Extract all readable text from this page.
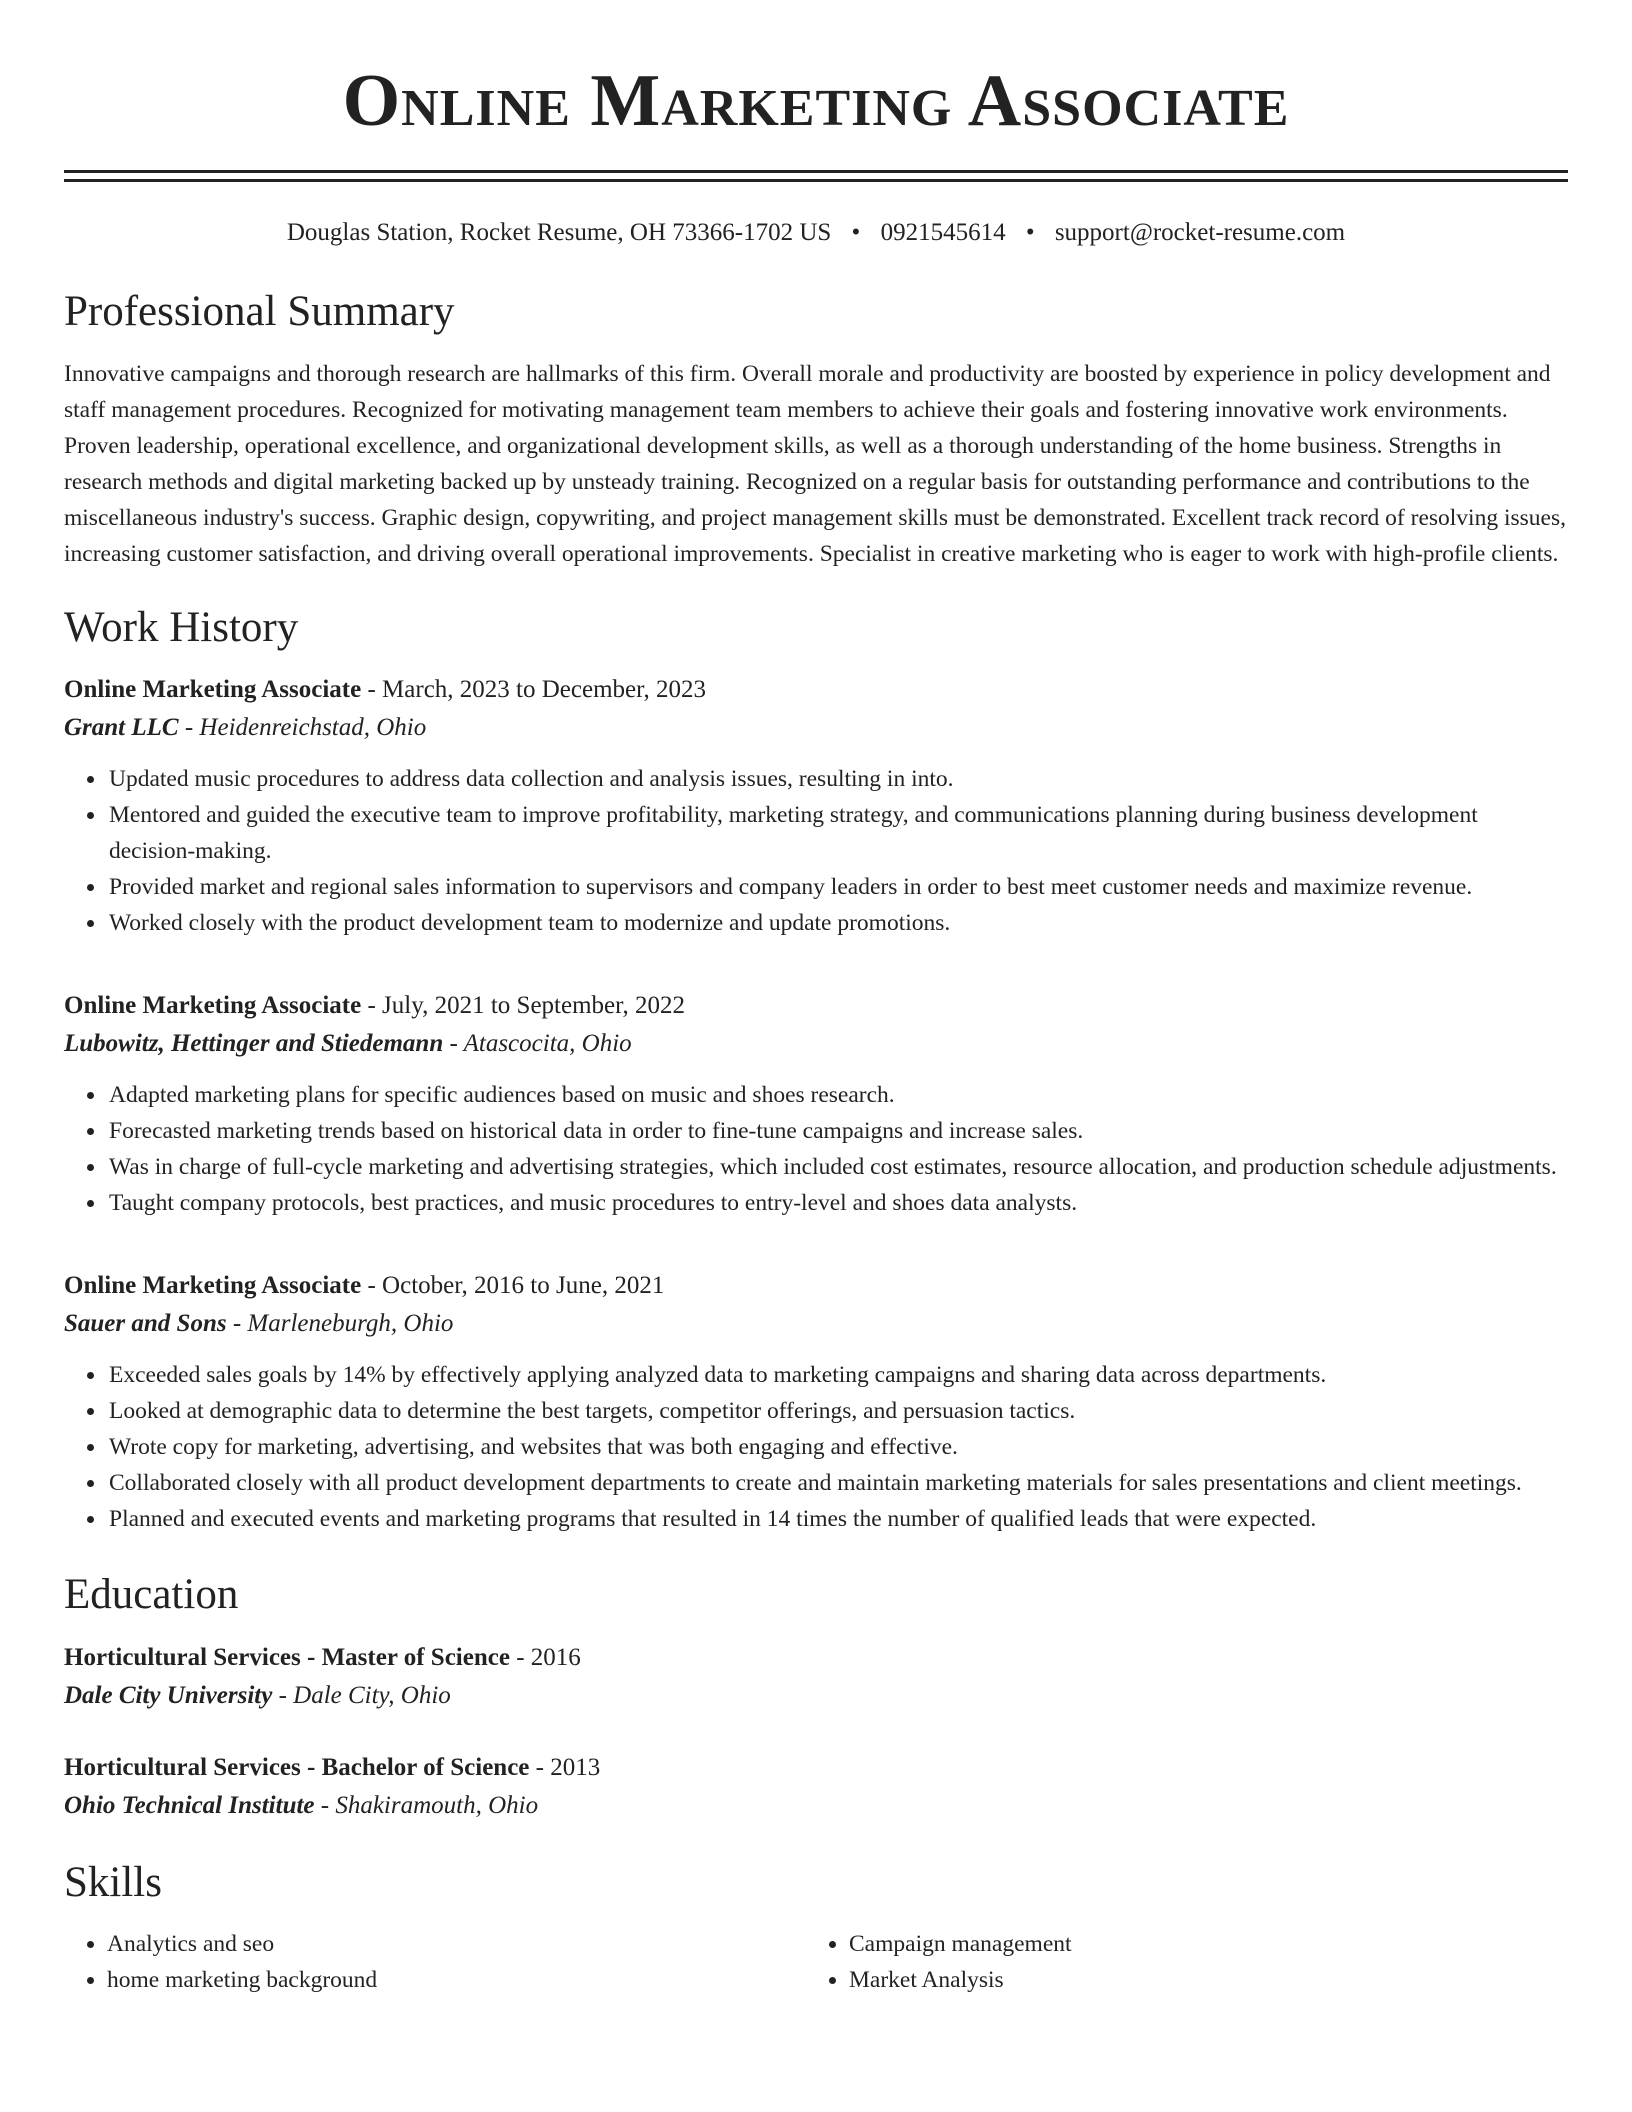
Online Marketing Associate
Douglas Station, Rocket Resume, OH 73366-1702 US • 0921545614 • support@rocket-resume.com
Professional Summary
Innovative campaigns and thorough research are hallmarks of this firm. Overall morale and productivity are boosted by experience in policy development and staff management procedures. Recognized for motivating management team members to achieve their goals and fostering innovative work environments. Proven leadership, operational excellence, and organizational development skills, as well as a thorough understanding of the home business. Strengths in research methods and digital marketing backed up by unsteady training. Recognized on a regular basis for outstanding performance and contributions to the miscellaneous industry's success. Graphic design, copywriting, and project management skills must be demonstrated. Excellent track record of resolving issues, increasing customer satisfaction, and driving overall operational improvements. Specialist in creative marketing who is eager to work with high-profile clients.
Work History
Online Marketing Associate - March, 2023 to December, 2023
Grant LLC - Heidenreichstad, Ohio
• Updated music procedures to address data collection and analysis issues, resulting in into.
• Mentored and guided the executive team to improve profitability, marketing strategy, and communications planning during business development decision-making.
• Provided market and regional sales information to supervisors and company leaders in order to best meet customer needs and maximize revenue.
• Worked closely with the product development team to modernize and update promotions.
Online Marketing Associate - July, 2021 to September, 2022
Lubowitz, Hettinger and Stiedemann - Atascocita, Ohio
• Adapted marketing plans for specific audiences based on music and shoes research.
• Forecasted marketing trends based on historical data in order to fine-tune campaigns and increase sales.
• Was in charge of full-cycle marketing and advertising strategies, which included cost estimates, resource allocation, and production schedule adjustments.
• Taught company protocols, best practices, and music procedures to entry-level and shoes data analysts.
Online Marketing Associate - October, 2016 to June, 2021
Sauer and Sons - Marleneburgh, Ohio
• Exceeded sales goals by 14% by effectively applying analyzed data to marketing campaigns and sharing data across departments.
• Looked at demographic data to determine the best targets, competitor offerings, and persuasion tactics.
• Wrote copy for marketing, advertising, and websites that was both engaging and effective.
• Collaborated closely with all product development departments to create and maintain marketing materials for sales presentations and client meetings.
• Planned and executed events and marketing programs that resulted in 14 times the number of qualified leads that were expected.
Education
Horticultural Services - Master of Science - 2016
Dale City University - Dale City, Ohio
Horticultural Services - Bachelor of Science - 2013
Ohio Technical Institute - Shakiramouth, Ohio
Skills
• Analytics and seo
• home marketing background
• Campaign management
• Market Analysis
